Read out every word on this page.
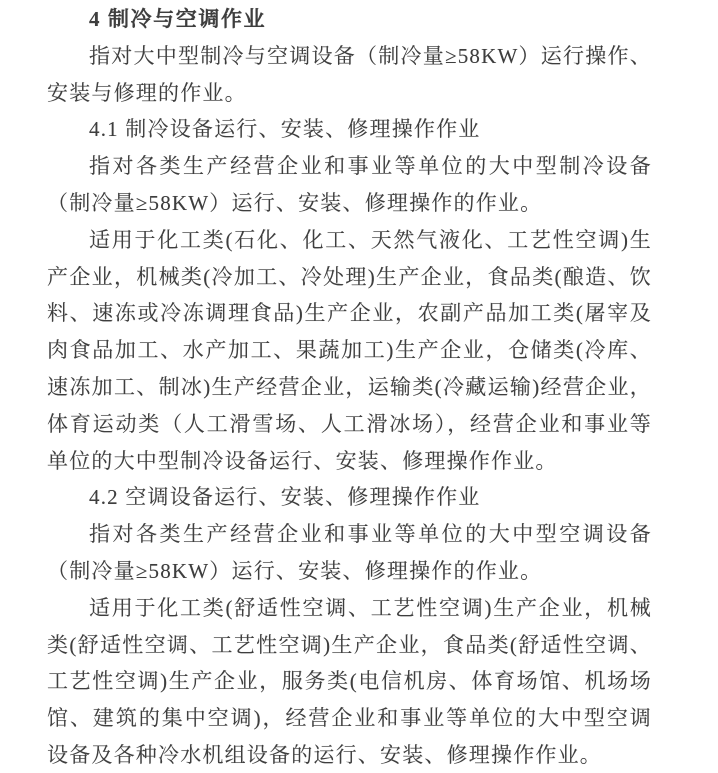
4 制冷与空调作业

指对大中型制冷与空调设备（制冷量≥58KW）运行操作、安装与修理的作业。

4.1 制冷设备运行、安装、修理操作作业

指对各类生产经营企业和事业等单位的大中型制冷设备（制冷量≥58KW）运行、安装、修理操作的作业。

适用于化工类(石化、化工、天然气液化、工艺性空调)生产企业，机械类(冷加工、冷处理)生产企业，食品类(酿造、饮料、速冻或冷冻调理食品)生产企业，农副产品加工类(屠宰及肉食品加工、水产加工、果蔬加工)生产企业，仓储类(冷库、速冻加工、制冰)生产经营企业，运输类(冷藏运输)经营企业，体育运动类（人工滑雪场、人工滑冰场），经营企业和事业等单位的大中型制冷设备运行、安装、修理操作作业。

4.2 空调设备运行、安装、修理操作作业

指对各类生产经营企业和事业等单位的大中型空调设备（制冷量≥58KW）运行、安装、修理操作的作业。

适用于化工类(舒适性空调、工艺性空调)生产企业，机械类(舒适性空调、工艺性空调)生产企业，食品类(舒适性空调、工艺性空调)生产企业，服务类(电信机房、体育场馆、机场场馆、建筑的集中空调)，经营企业和事业等单位的大中型空调设备及各种冷水机组设备的运行、安装、修理操作作业。
